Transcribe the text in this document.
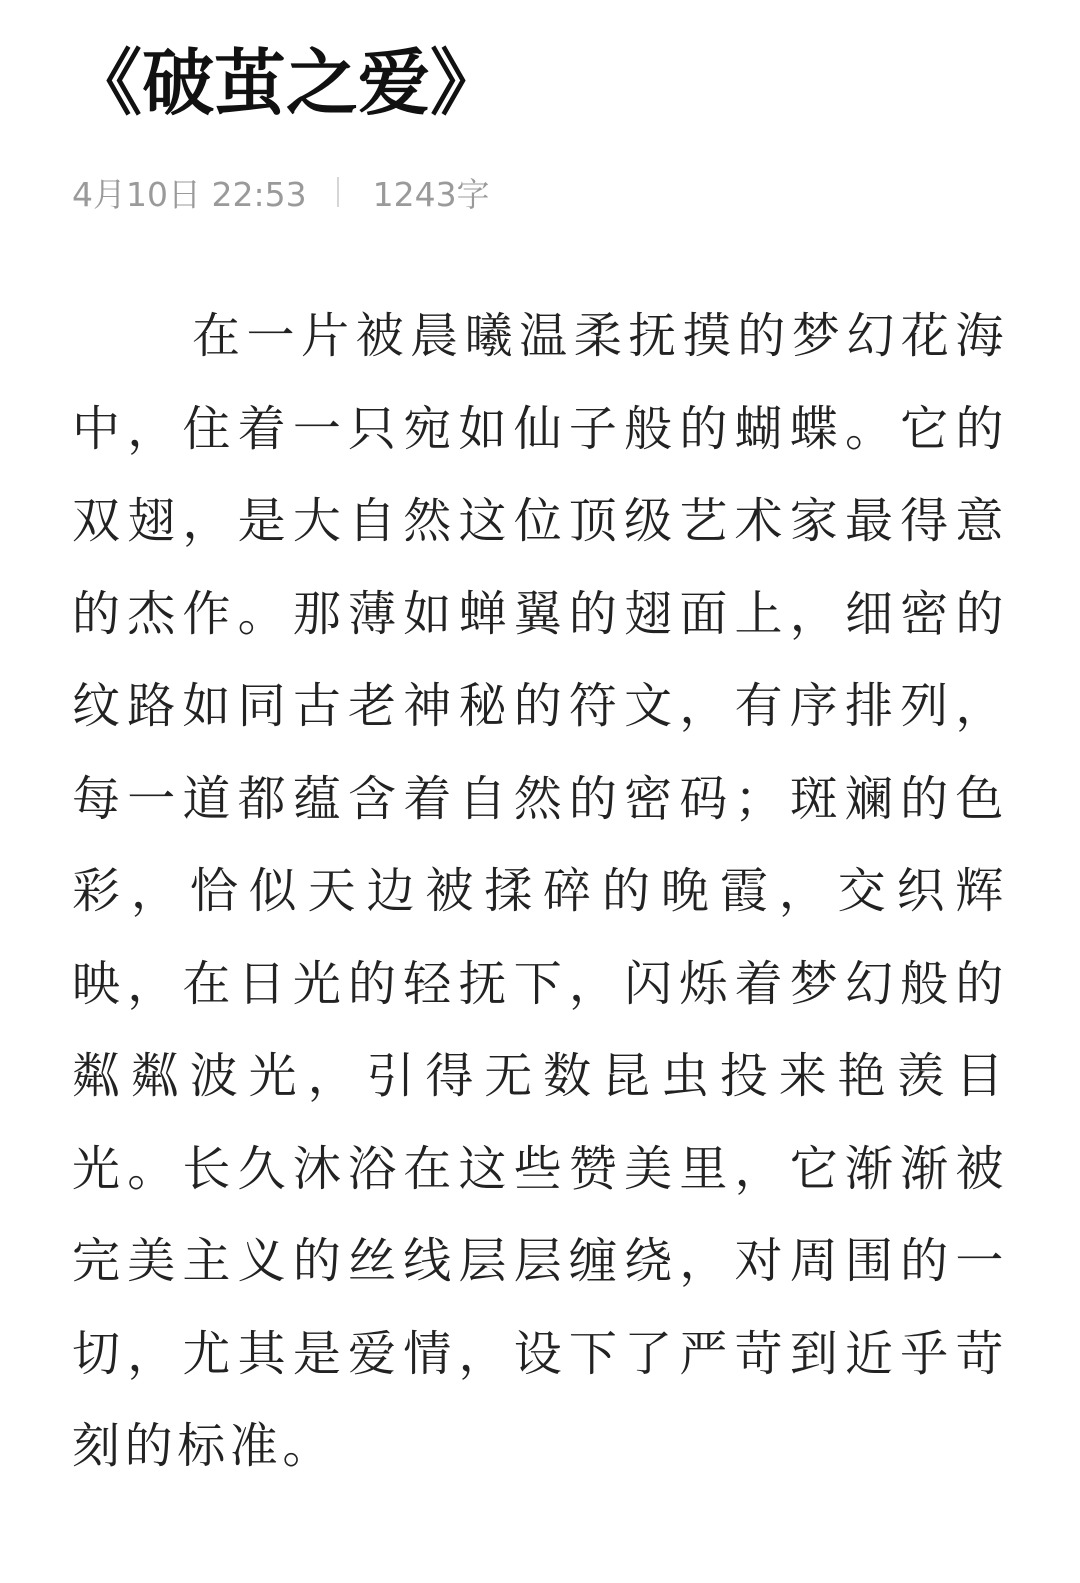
《破茧之爱》
4月10日 22:53 1243字

在一片被晨曦温柔抚摸的梦幻花海中，住着一只宛如仙子般的蝴蝶。它的双翅，是大自然这位顶级艺术家最得意的杰作。那薄如蝉翼的翅面上，细密的纹路如同古老神秘的符文，有序排列，每一道都蕴含着自然的密码；斑斓的色彩，恰似天边被揉碎的晚霞，交织辉映，在日光的轻抚下，闪烁着梦幻般的粼粼波光，引得无数昆虫投来艳羡目光。长久沐浴在这些赞美里，它渐渐被完美主义的丝线层层缠绕，对周围的一切，尤其是爱情，设下了严苛到近乎苛刻的标准。
